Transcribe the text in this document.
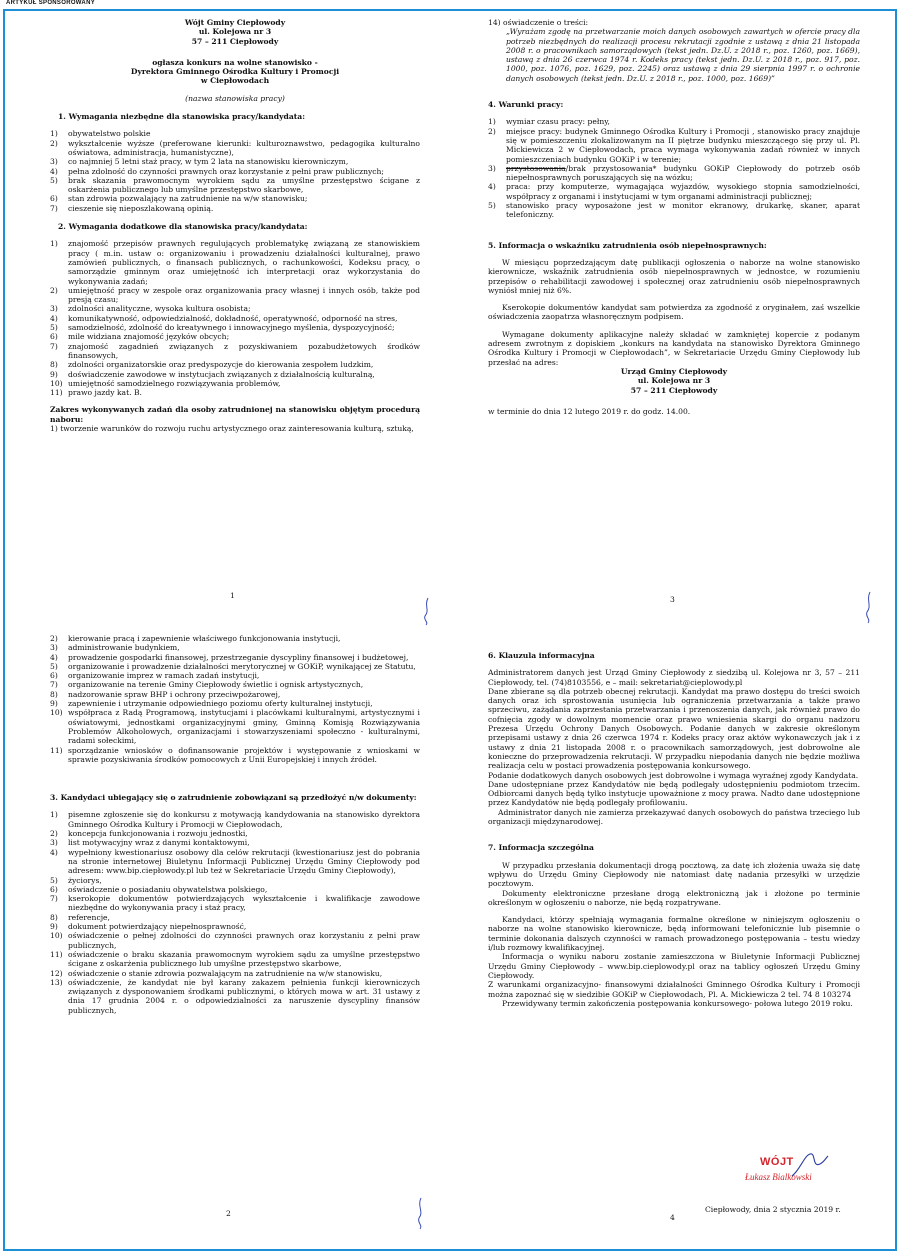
ARTYKUŁ SPONSOROWANY
Wójt Gminy Ciepłowody
ul. Kolejowa nr 3
57 – 211 Ciepłowody
ogłasza konkurs na wolne stanowisko -
Dyrektora Gminnego Ośrodka Kultury i Promocji
w Ciepłowodach
(nazwa stanowiska pracy)
1. Wymagania niezbędne dla stanowiska pracy/kandydata:
1) obywatelstwo polskie
2) wykształcenie wyższe (preferowane kierunki: kulturoznawstwo, pedagogika kulturalno oświatowa, administracja, humanistyczne),
3) co najmniej 5 letni staż pracy, w tym 2 lata na stanowisku kierowniczym,
4) pełna zdolność do czynności prawnych oraz korzystanie z pełni praw publicznych;
5) brak skazania prawomocnym wyrokiem sądu za umyślne przestępstwo ścigane z oskarżenia publicznego lub umyślne przestępstwo skarbowe,
6) stan zdrowia pozwalający na zatrudnienie na w/w stanowisku;
7) cieszenie się nieposzlakowaną opinią.
2. Wymagania dodatkowe dla stanowiska pracy/kandydata:
1) znajomość przepisów prawnych regulujących problematykę związaną ze stanowiskiem pracy ( m.in. ustaw o: organizowaniu i prowadzeniu działalności kulturalnej, prawo zamówień publicznych, o finansach publicznych, o rachunkowości, Kodeksu pracy, o samorządzie gminnym oraz umiejętność ich interpretacji oraz wykorzystania do wykonywania zadań;
2) umiejętność pracy w zespole oraz organizowania pracy własnej i innych osób, także pod presją czasu;
3) zdolności analityczne, wysoka kultura osobista;
4) komunikatywność, odpowiedzialność, dokładność, operatywność, odporność na stres,
5) samodzielność, zdolność do kreatywnego i innowacyjnego myślenia, dyspozycyjność;
6) mile widziana znajomość języków obcych;
7) znajomość zagadnień związanych z pozyskiwaniem pozabudżetowych środków finansowych,
8) zdolności organizatorskie oraz predyspozycje do kierowania zespołem ludzkim,
9) doświadczenie zawodowe w instytucjach związanych z działalnością kulturalną,
10) umiejętność samodzielnego rozwiązywania problemów,
11) prawo jazdy kat. B.
Zakres wykonywanych zadań dla osoby zatrudnionej na stanowisku objętym procedurą naboru:
1) tworzenie warunków do rozwoju ruchu artystycznego oraz zainteresowania kulturą, sztuką,
1
2) kierowanie pracą i zapewnienie właściwego funkcjonowania instytucji,
3) administrowanie budynkiem,
4) prowadzenie gospodarki finansowej, przestrzeganie dyscypliny finansowej i budżetowej,
5) organizowanie i prowadzenie działalności merytorycznej w GOKiP, wynikającej ze Statutu,
6) organizowanie imprez w ramach zadań instytucji,
7) organizowanie na terenie Gminy Ciepłowody świetlic i ognisk artystycznych,
8) nadzorowanie spraw BHP i ochrony przeciwpożarowej,
9) zapewnienie i utrzymanie odpowiedniego poziomu oferty kulturalnej instytucji,
10) współpraca z Radą Programową, instytucjami i placówkami kulturalnymi, artystycznymi i oświatowymi, jednostkami organizacyjnymi gminy, Gminną Komisją Rozwiązywania Problemów Alkoholowych, organizacjami i stowarzyszeniami społeczno - kulturalnymi, radami sołeckimi,
11) sporządzanie wniosków o dofinansowanie projektów i występowanie z wnioskami w sprawie pozyskiwania środków pomocowych z Unii Europejskiej i innych źródeł.
3. Kandydaci ubiegający się o zatrudnienie zobowiązani są przedłożyć n/w dokumenty:
1) pisemne zgłoszenie się do konkursu z motywacją kandydowania na stanowisko dyrektora Gminnego Ośrodka Kultury i Promocji w Ciepłowodach,
2) koncepcja funkcjonowania i rozwoju jednostki,
3) list motywacyjny wraz z danymi kontaktowymi,
4) wypełniony kwestionariusz osobowy dla celów rekrutacji (kwestionariusz jest do pobrania na stronie internetowej Biuletynu Informacji Publicznej Urzędu Gminy Ciepłowody pod adresem: www.bip.ciepłowody.pl lub też w Sekretariacie Urzędu Gminy Ciepłowody),
5) życiorys,
6) oświadczenie o posiadaniu obywatelstwa polskiego,
7) kserokopie dokumentów potwierdzających wykształcenie i kwalifikacje zawodowe niezbędne do wykonywania pracy i staż pracy,
8) referencje,
9) dokument potwierdzający niepełnosprawność,
10) oświadczenie o pełnej zdolności do czynności prawnych oraz korzystaniu z pełni praw publicznych,
11) oświadczenie o braku skazania prawomocnym wyrokiem sądu za umyślne przestępstwo ścigane z oskarżenia publicznego lub umyślne przestępstwo skarbowe,
12) oświadczenie o stanie zdrowia pozwalającym na zatrudnienie na w/w stanowisku,
13) oświadczenie, że kandydat nie był karany zakazem pełnienia funkcji kierowniczych związanych z dysponowaniem środkami publicznymi, o których mowa w art. 31 ustawy z dnia 17 grudnia 2004 r. o odpowiedzialności za naruszenie dyscypliny finansów publicznych,
2
14) oświadczenie o treści:
„Wyrażam zgodę na przetwarzanie moich danych osobowych zawartych w ofercie pracy dla potrzeb niezbędnych do realizacji procesu rekrutacji zgodnie z ustawą z dnia 21 listopada 2008 r. o pracownikach samorządowych (tekst jedn. Dz.U. z 2018 r., poz. 1260, poz. 1669), ustawą z dnia 26 czerwca 1974 r. Kodeks pracy (tekst jedn. Dz.U. z 2018 r., poz. 917, poz. 1000, poz. 1076, poz. 1629, poz. 2245) oraz ustawą z dnia 29 sierpnia 1997 r. o ochronie danych osobowych (tekst jedn. Dz.U. z 2018 r., poz. 1000, poz. 1669)”
4. Warunki pracy:
1) wymiar czasu pracy: pełny,
2) miejsce pracy: budynek Gminnego Ośrodka Kultury i Promocji , stanowisko pracy znajduje się w pomieszczeniu zlokalizowanym na II piętrze budynku mieszczącego się przy ul. Pl. Mickiewicza 2 w Ciepłowodach, praca wymaga wykonywania zadań również w innych pomieszczeniach budynku GOKiP i w terenie;
3) przystosowania/brak przystosowania* budynku GOKiP Ciepłowody do potrzeb osób niepełnosprawnych poruszających się na wózku;
4) praca: przy komputerze, wymagająca wyjazdów, wysokiego stopnia samodzielności, współpracy z organami i instytucjami w tym organami administracji publicznej;
5) stanowisko pracy wyposażone jest w monitor ekranowy, drukarkę, skaner, aparat telefoniczny.
5. Informacja o wskaźniku zatrudnienia osób niepełnosprawnych:
W miesiącu poprzedzającym datę publikacji ogłoszenia o naborze na wolne stanowisko kierownicze, wskaźnik zatrudnienia osób niepełnosprawnych w jednostce, w rozumieniu przepisów o rehabilitacji zawodowej i społecznej oraz zatrudnieniu osób niepełnosprawnych wyniósł mniej niż 6%.
Kserokopie dokumentów kandydat sam potwierdza za zgodność z oryginałem, zaś wszelkie oświadczenia zaopatrza własnoręcznym podpisem.
Wymagane dokumenty aplikacyjne należy składać w zamkniętej kopercie z podanym adresem zwrotnym z dopiskiem „konkurs na kandydata na stanowisko Dyrektora Gminnego Ośrodka Kultury i Promocji w Ciepłowodach”, w Sekretariacie Urzędu Gminy Ciepłowody lub przesłać na adres:
Urząd Gminy Ciepłowody
ul. Kolejowa nr 3
57 – 211 Ciepłowody
w terminie do dnia 12 lutego 2019 r. do godz. 14.00.
3
6. Klauzula informacyjna
Administratorem danych jest Urząd Gminy Ciepłowody z siedzibą ul. Kolejowa nr 3, 57 – 211 Ciepłowody, tel. (74)8103556, e – mail: sekretariat@cieplowody.pl
Dane zbierane są dla potrzeb obecnej rekrutacji. Kandydat ma prawo dostępu do treści swoich danych oraz ich sprostowania usunięcia lub ograniczenia przetwarzania a także prawo sprzeciwu, zażądania zaprzestania przetwarzania i przenoszenia danych, jak również prawo do cofnięcia zgody w dowolnym momencie oraz prawo wniesienia skargi do organu nadzoru Prezesa Urzędu Ochrony Danych Osobowych. Podanie danych w zakresie określonym przepisami ustawy z dnia 26 czerwca 1974 r. Kodeks pracy oraz aktów wykonawczych jak i z ustawy z dnia 21 listopada 2008 r. o pracownikach samorządowych, jest dobrowolne ale konieczne do przeprowadzenia rekrutacji. W przypadku niepodania danych nie będzie możliwa realizacja celu w postaci prowadzenia postępowania konkursowego.
Podanie dodatkowych danych osobowych jest dobrowolne i wymaga wyraźnej zgody Kandydata.
Dane udostępniane przez Kandydatów nie będą podlegały udostępnieniu podmiotom trzecim. Odbiorcami danych będą tylko instytucje upoważnione z mocy prawa. Nadto dane udostępnione przez Kandydatów nie będą podlegały profilowaniu.
Administrator danych nie zamierza przekazywać danych osobowych do państwa trzeciego lub organizacji międzynarodowej.
7. Informacja szczególna
W przypadku przesłania dokumentacji drogą pocztową, za datę ich złożenia uważa się datę wpływu do Urzędu Gminy Ciepłowody nie natomiast datę nadania przesyłki w urzędzie pocztowym.
Dokumenty elektroniczne przesłane drogą elektroniczną jak i złożone po terminie określonym w ogłoszeniu o naborze, nie będą rozpatrywane.
Kandydaci, którzy spełniają wymagania formalne określone w niniejszym ogłoszeniu o naborze na wolne stanowisko kierownicze, będą informowani telefonicznie lub pisemnie o terminie dokonania dalszych czynności w ramach prowadzonego postępowania – testu wiedzy i/lub rozmowy kwalifikacyjnej.
Informacja o wyniku naboru zostanie zamieszczona w Biuletynie Informacji Publicznej Urzędu Gminy Ciepłowody – www.bip.cieplowody.pl oraz na tablicy ogłoszeń Urzędu Gminy Ciepłowody.
Z warunkami organizacyjno- finansowymi działalności Gminnego Ośrodka Kultury i Promocji można zapoznać się w siedzibie GOKiP w Ciepłowodach, Pl. A. Mickiewicza 2 tel. 74 8 103274
Przewidywany termin zakończenia postępowania konkursowego- połowa lutego 2019 roku.
WÓJT
Łukasz Bialkowski
Ciepłowody, dnia 2 stycznia 2019 r.
4
